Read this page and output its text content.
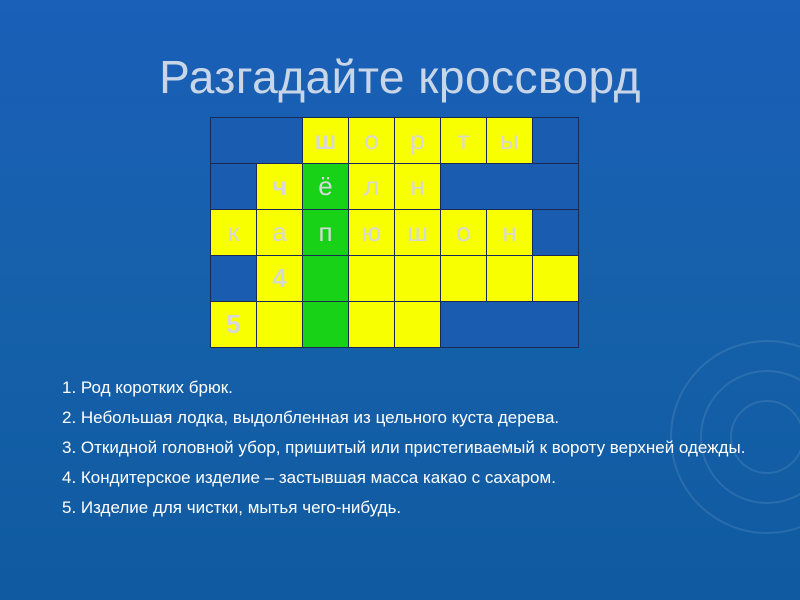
Разгадайте кроссворд
		ш	о	р	т	ы	
	ч	ё	л	н			
к	а	п	ю	ш	о	н	
	4						
5							
1. Род коротких брюк.
2. Небольшая лодка, выдолбленная из цельного куста дерева.
3. Откидной головной убор, пришитый или пристегиваемый к вороту верхней одежды.
4. Кондитерское изделие – застывшая масса какао с сахаром.
5. Изделие для чистки, мытья чего-нибудь.
